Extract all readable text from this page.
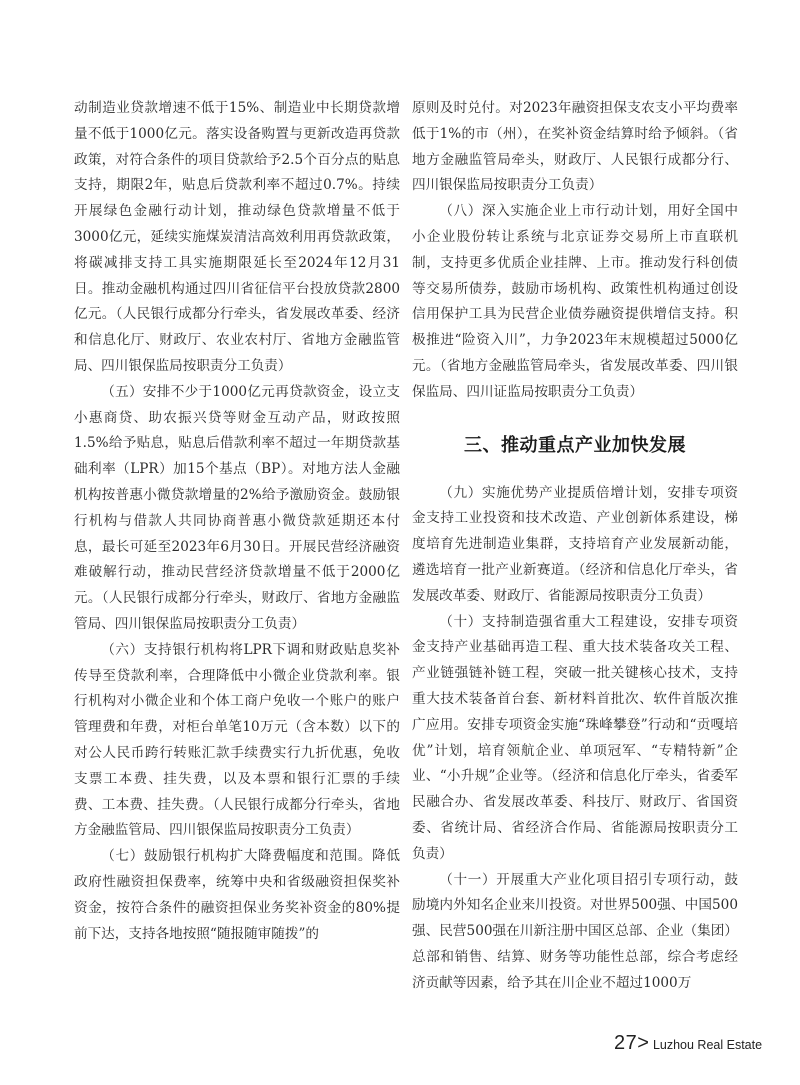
动制造业贷款增速不低于15%、制造业中长期贷款增量不低于1000亿元。落实设备购置与更新改造再贷款政策，对符合条件的项目贷款给予2.5个百分点的贴息支持，期限2年，贴息后贷款利率不超过0.7%。持续开展绿色金融行动计划，推动绿色贷款增量不低于3000亿元，延续实施煤炭清洁高效利用再贷款政策，将碳减排支持工具实施期限延长至2024年12月31日。推动金融机构通过四川省征信平台投放贷款2800亿元。（人民银行成都分行牵头，省发展改革委、经济和信息化厅、财政厅、农业农村厅、省地方金融监管局、四川银保监局按职责分工负责）

（五）安排不少于1000亿元再贷款资金，设立支小惠商贷、助农振兴贷等财金互动产品，财政按照1.5%给予贴息，贴息后借款利率不超过一年期贷款基础利率（LPR）加15个基点（BP）。对地方法人金融机构按普惠小微贷款增量的2%给予激励资金。鼓励银行机构与借款人共同协商普惠小微贷款延期还本付息，最长可延至2023年6月30日。开展民营经济融资难破解行动，推动民营经济贷款增量不低于2000亿元。（人民银行成都分行牵头，财政厅、省地方金融监管局、四川银保监局按职责分工负责）

（六）支持银行机构将LPR下调和财政贴息奖补传导至贷款利率，合理降低中小微企业贷款利率。银行机构对小微企业和个体工商户免收一个账户的账户管理费和年费，对柜台单笔10万元（含本数）以下的对公人民币跨行转账汇款手续费实行九折优惠，免收支票工本费、挂失费，以及本票和银行汇票的手续费、工本费、挂失费。（人民银行成都分行牵头，省地方金融监管局、四川银保监局按职责分工负责）

（七）鼓励银行机构扩大降费幅度和范围。降低政府性融资担保费率，统筹中央和省级融资担保奖补资金，按符合条件的融资担保业务奖补资金的80%提前下达，支持各地按照“随报随审随拨”的

原则及时兑付。对2023年融资担保支农支小平均费率低于1%的市（州），在奖补资金结算时给予倾斜。（省地方金融监管局牵头，财政厅、人民银行成都分行、四川银保监局按职责分工负责）

（八）深入实施企业上市行动计划，用好全国中小企业股份转让系统与北京证券交易所上市直联机制，支持更多优质企业挂牌、上市。推动发行科创债等交易所债券，鼓励市场机构、政策性机构通过创设信用保护工具为民营企业债券融资提供增信支持。积极推进“险资入川”，力争2023年末规模超过5000亿元。（省地方金融监管局牵头，省发展改革委、四川银保监局、四川证监局按职责分工负责）

三、推动重点产业加快发展

（九）实施优势产业提质倍增计划，安排专项资金支持工业投资和技术改造、产业创新体系建设，梯度培育先进制造业集群，支持培育产业发展新动能，遴选培育一批产业新赛道。（经济和信息化厅牵头，省发展改革委、财政厅、省能源局按职责分工负责）

（十）支持制造强省重大工程建设，安排专项资金支持产业基础再造工程、重大技术装备攻关工程、产业链强链补链工程，突破一批关键核心技术，支持重大技术装备首台套、新材料首批次、软件首版次推广应用。安排专项资金实施“珠峰攀登”行动和“贡嘎培优”计划，培育领航企业、单项冠军、“专精特新”企业、“小升规”企业等。（经济和信息化厅牵头，省委军民融合办、省发展改革委、科技厅、财政厅、省国资委、省统计局、省经济合作局、省能源局按职责分工负责）

（十一）开展重大产业化项目招引专项行动，鼓励境内外知名企业来川投资。对世界500强、中国500强、民营500强在川新注册中国区总部、企业（集团）总部和销售、结算、财务等功能性总部，综合考虑经济贡献等因素，给予其在川企业不超过1000万

27 > Luzhou Real Estate
